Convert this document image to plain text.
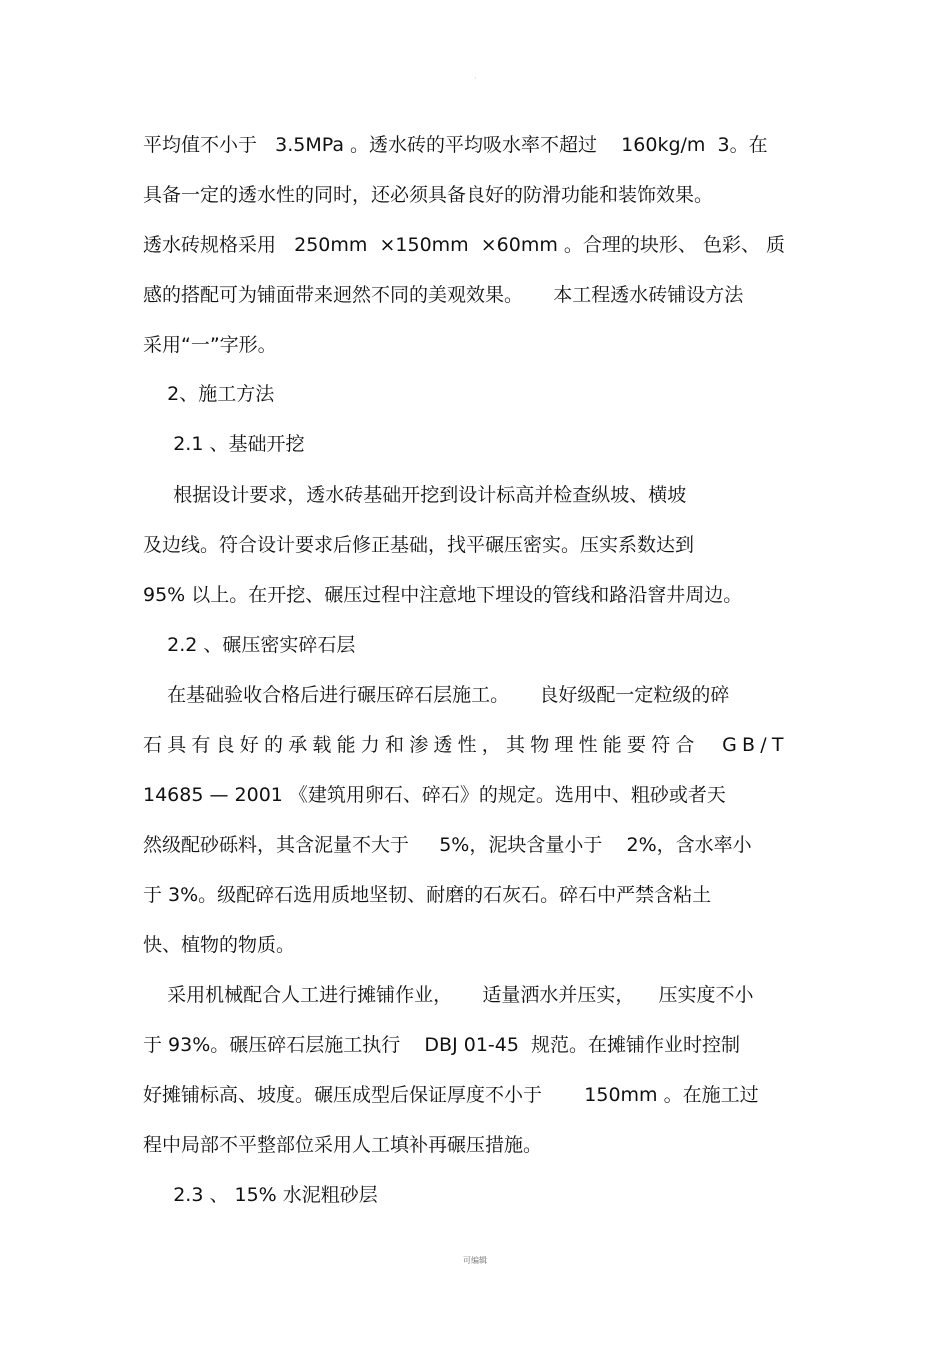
·
平均值不小于   3.5MPa 。透水砖的平均吸水率不超过    160kg/m  3。在
具备一定的透水性的同时，还必须具备良好的防滑功能和装饰效果。
透水砖规格采用   250mm  ×150mm  ×60mm 。合理的块形、 色彩、 质
感的搭配可为铺面带来迥然不同的美观效果。     本工程透水砖铺设方法
采用“一”字形。
2、施工方法
2.1 、基础开挖
根据设计要求，透水砖基础开挖到设计标高并检查纵坡、横坡
及边线。符合设计要求后修正基础，找平碾压密实。压实系数达到
95% 以上。在开挖、碾压过程中注意地下埋设的管线和路沿窨井周边。
2.2 、碾压密实碎石层
在基础验收合格后进行碾压碎石层施工。     良好级配一定粒级的碎
石具有良好的承载能力和渗透性，其物理性能要符合  GB/T
14685 — 2001 《建筑用卵石、碎石》的规定。选用中、粗砂或者天
然级配砂砾料，其含泥量不大于     5%，泥块含量小于    2%，含水率小
于 3%。级配碎石选用质地坚韧、耐磨的石灰石。碎石中严禁含粘土
快、植物的物质。
采用机械配合人工进行摊铺作业，     适量洒水并压实，    压实度不小
于 93%。碾压碎石层施工执行    DBJ 01-45  规范。在摊铺作业时控制
好摊铺标高、坡度。碾压成型后保证厚度不小于       150mm 。在施工过
程中局部不平整部位采用人工填补再碾压措施。
2.3 、 15% 水泥粗砂层
可编辑
